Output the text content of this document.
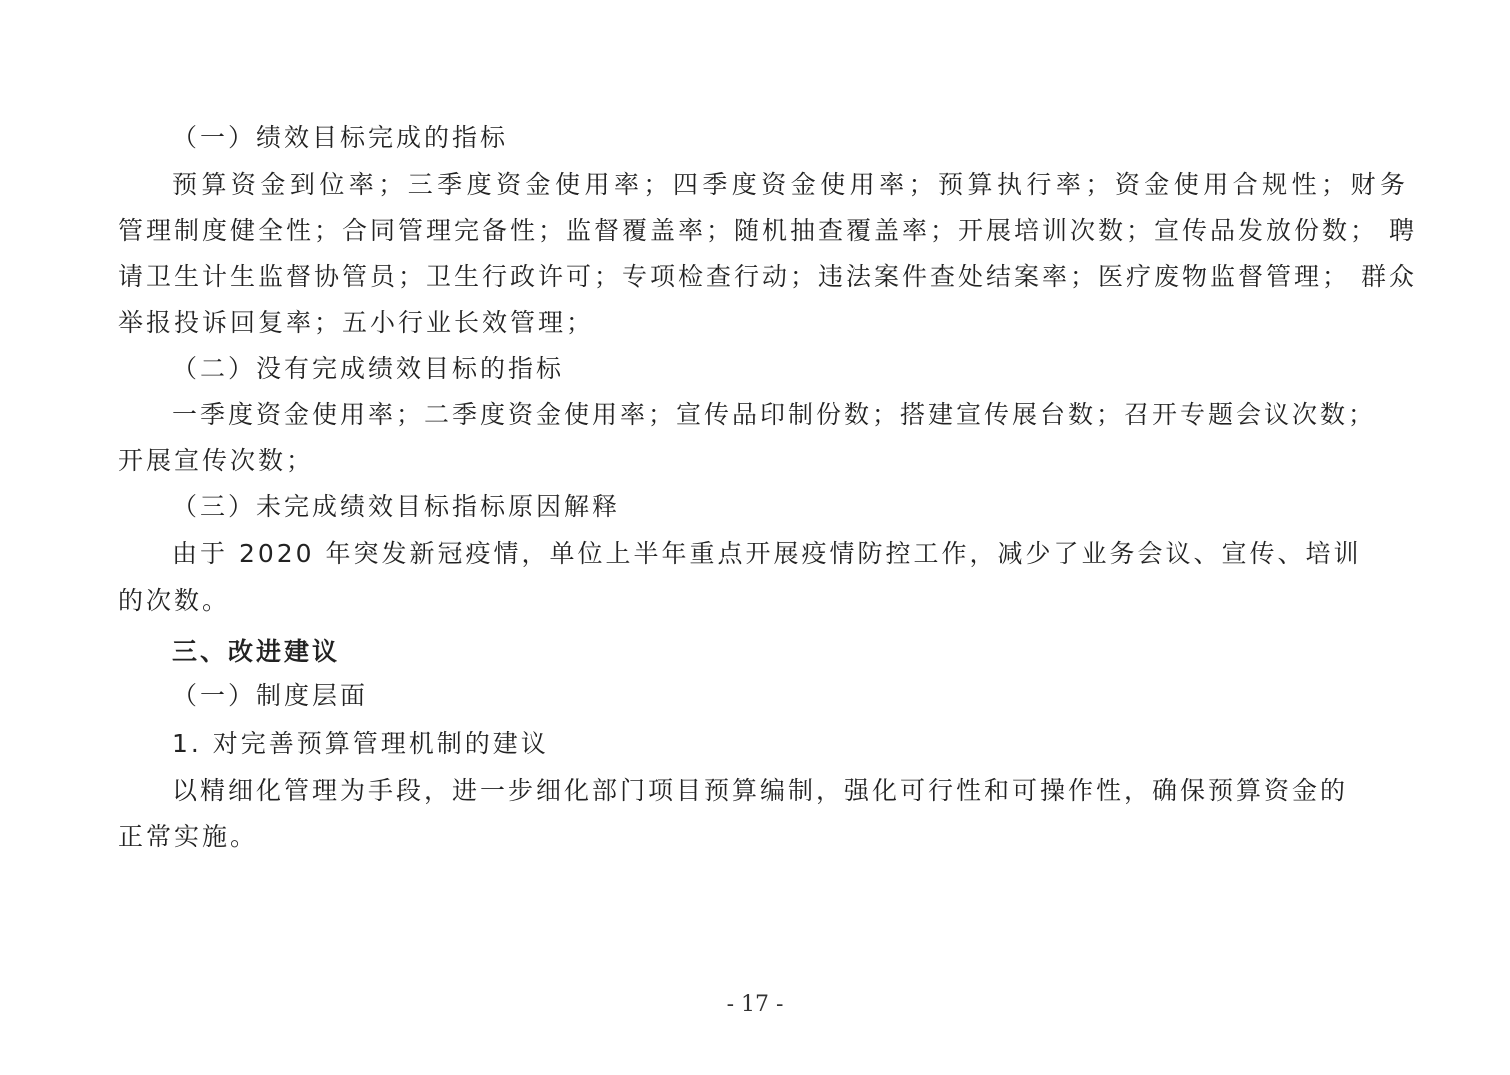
（一）绩效目标完成的指标
预算资金到位率；三季度资金使用率；四季度资金使用率；预算执行率；资金使用合规性；财务
管理制度健全性；合同管理完备性；监督覆盖率；随机抽查覆盖率；开展培训次数；宣传品发放份数； 聘
请卫生计生监督协管员；卫生行政许可；专项检查行动；违法案件查处结案率；医疗废物监督管理； 群众
举报投诉回复率；五小行业长效管理；
（二）没有完成绩效目标的指标
一季度资金使用率；二季度资金使用率；宣传品印制份数；搭建宣传展台数；召开专题会议次数；
开展宣传次数；
（三）未完成绩效目标指标原因解释
由于 2020 年突发新冠疫情，单位上半年重点开展疫情防控工作，减少了业务会议、宣传、培训
的次数。
三、改进建议
（一）制度层面
1. 对完善预算管理机制的建议
以精细化管理为手段，进一步细化部门项目预算编制，强化可行性和可操作性，确保预算资金的
正常实施。
- 17 -
